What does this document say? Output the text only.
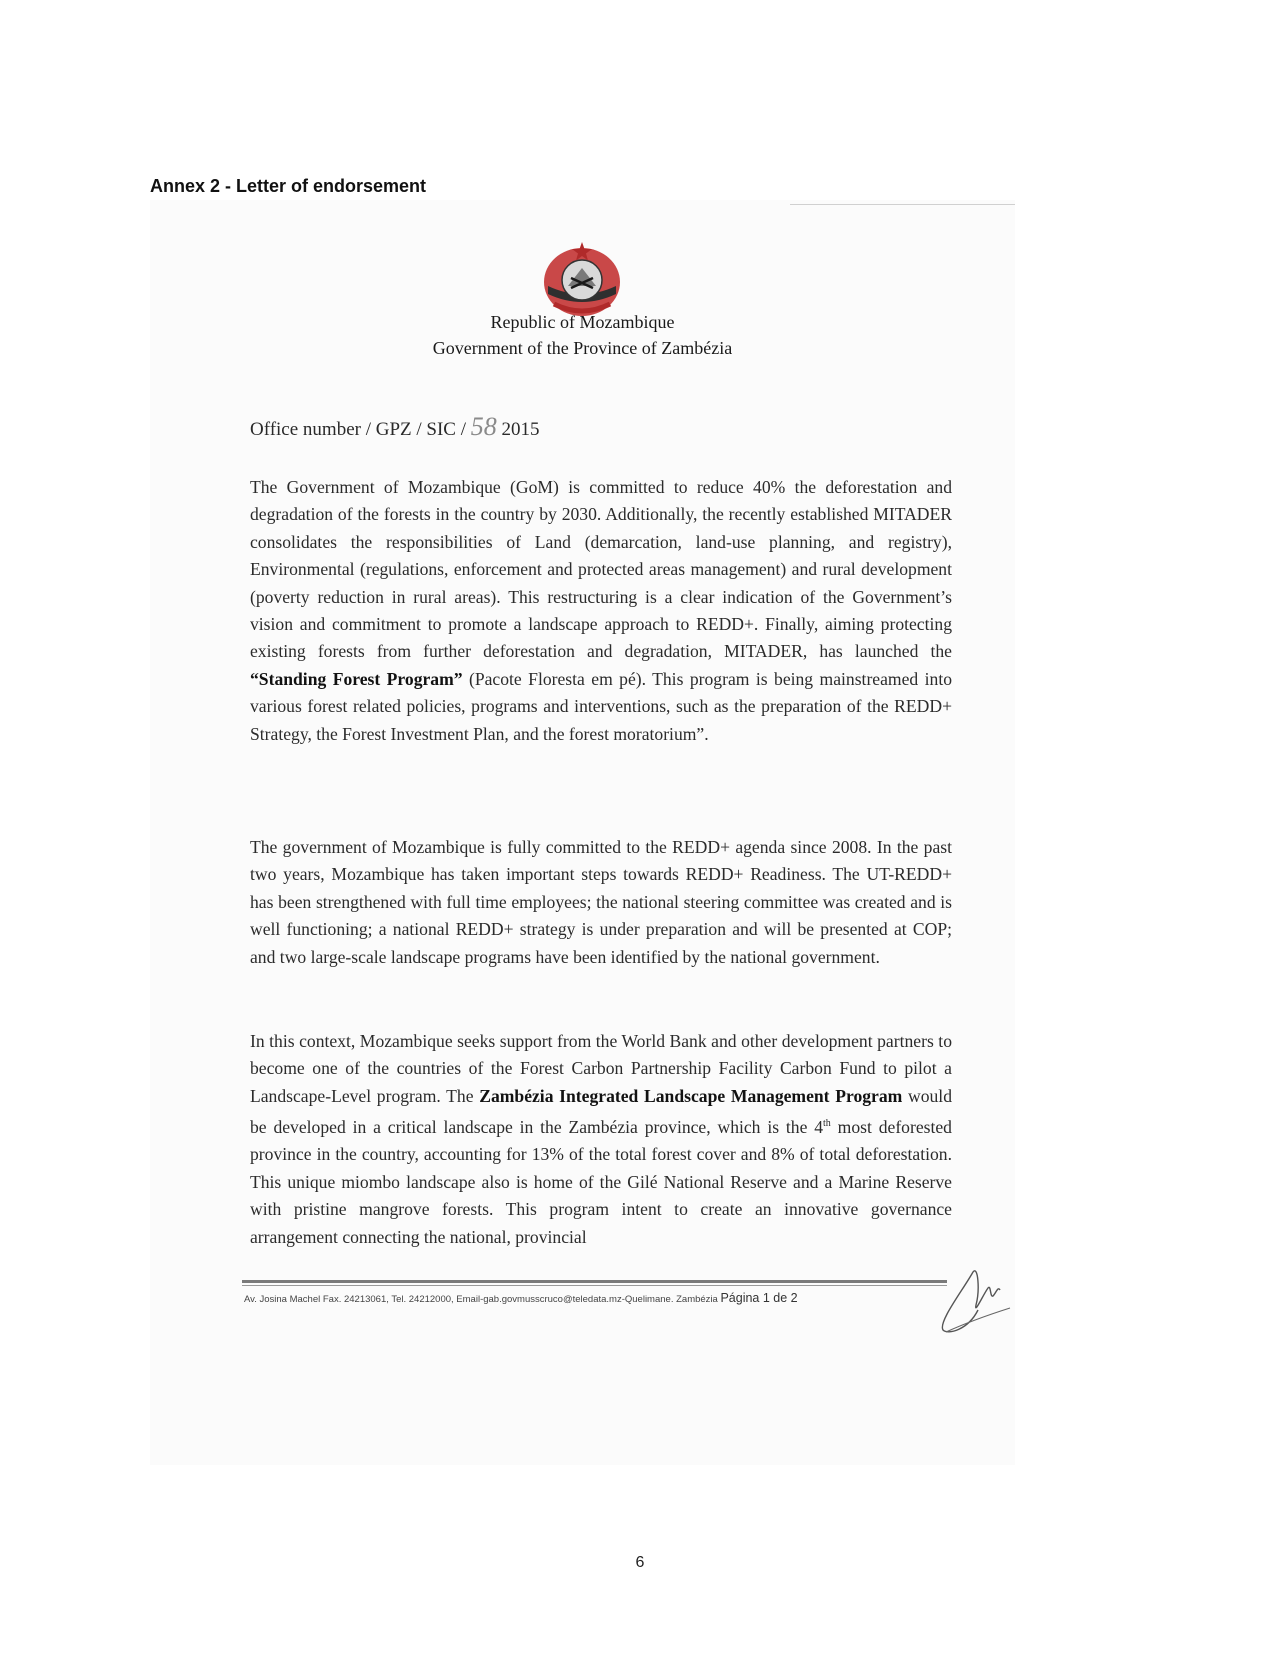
Annex 2 - Letter of endorsement
Republic of Mozambique
Government of the Province of Zambézia
Office number / GPZ / SIC / 58 2015

The Government of Mozambique (GoM) is committed to reduce 40% the deforestation and degradation of the forests in the country by 2030. Additionally, the recently established MITADER consolidates the responsibilities of Land (demarcation, land-use planning, and registry), Environmental (regulations, enforcement and protected areas management) and rural development (poverty reduction in rural areas). This restructuring is a clear indication of the Government’s vision and commitment to promote a landscape approach to REDD+. Finally, aiming protecting existing forests from further deforestation and degradation, MITADER, has launched the “Standing Forest Program” (Pacote Floresta em pé). This program is being mainstreamed into various forest related policies, programs and interventions, such as the preparation of the REDD+ Strategy, the Forest Investment Plan, and the forest moratorium”.

The government of Mozambique is fully committed to the REDD+ agenda since 2008. In the past two years, Mozambique has taken important steps towards REDD+ Readiness. The UT-REDD+ has been strengthened with full time employees; the national steering committee was created and is well functioning; a national REDD+ strategy is under preparation and will be presented at COP; and two large-scale landscape programs have been identified by the national government.

In this context, Mozambique seeks support from the World Bank and other development partners to become one of the countries of the Forest Carbon Partnership Facility Carbon Fund to pilot a Landscape-Level program. The Zambézia Integrated Landscape Management Program would be developed in a critical landscape in the Zambézia province, which is the 4th most deforested province in the country, accounting for 13% of the total forest cover and 8% of total deforestation. This unique miombo landscape also is home of the Gilé National Reserve and a Marine Reserve with pristine mangrove forests. This program intent to create an innovative governance arrangement connecting the national, provincial

Av. Josina Machel Fax. 24213061, Tel. 24212000, Email-gab.govmusscruco@teledata.mz-Quelimane. Zambézia Página 1 de 2
6
